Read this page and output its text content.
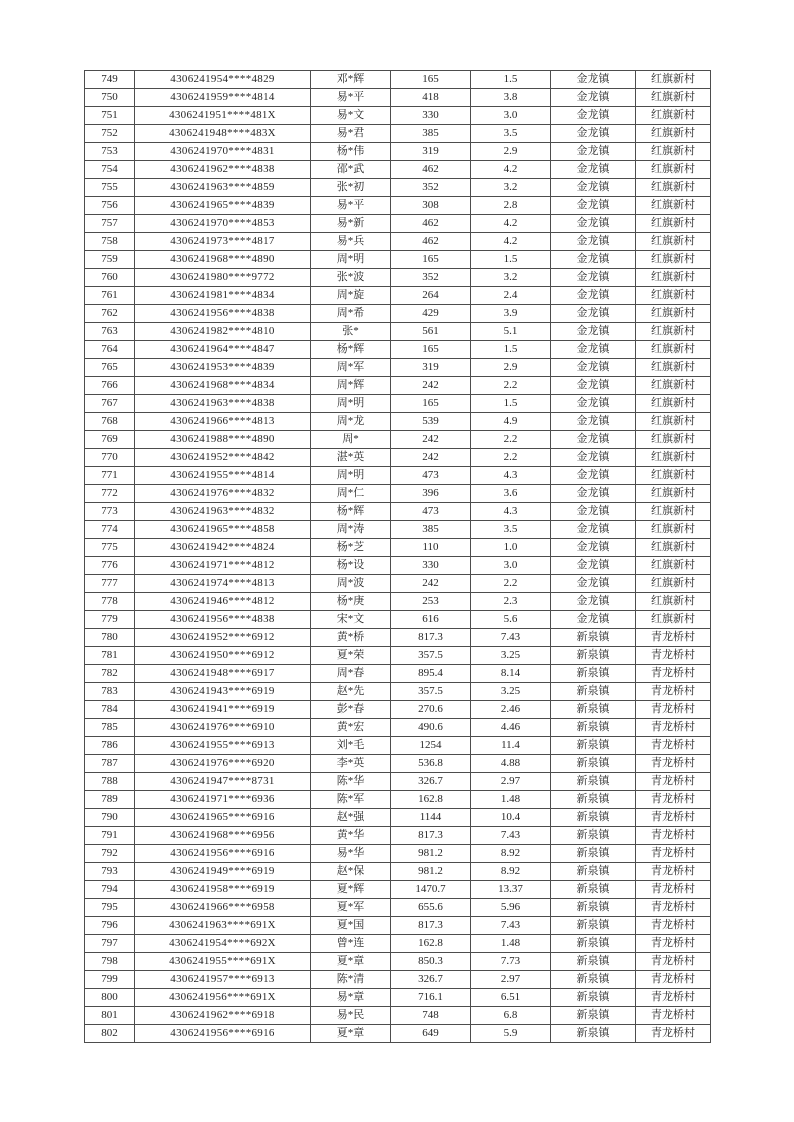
749	4306241954****4829	邓*辉	165	1.5	金龙镇	红旗新村
750	4306241959****4814	易*平	418	3.8	金龙镇	红旗新村
751	4306241951****481X	易*文	330	3.0	金龙镇	红旗新村
752	4306241948****483X	易*君	385	3.5	金龙镇	红旗新村
753	4306241970****4831	杨*伟	319	2.9	金龙镇	红旗新村
754	4306241962****4838	邵*武	462	4.2	金龙镇	红旗新村
755	4306241963****4859	张*初	352	3.2	金龙镇	红旗新村
756	4306241965****4839	易*平	308	2.8	金龙镇	红旗新村
757	4306241970****4853	易*新	462	4.2	金龙镇	红旗新村
758	4306241973****4817	易*兵	462	4.2	金龙镇	红旗新村
759	4306241968****4890	周*明	165	1.5	金龙镇	红旗新村
760	4306241980****9772	张*波	352	3.2	金龙镇	红旗新村
761	4306241981****4834	周*旋	264	2.4	金龙镇	红旗新村
762	4306241956****4838	周*希	429	3.9	金龙镇	红旗新村
763	4306241982****4810	张*	561	5.1	金龙镇	红旗新村
764	4306241964****4847	杨*辉	165	1.5	金龙镇	红旗新村
765	4306241953****4839	周*军	319	2.9	金龙镇	红旗新村
766	4306241968****4834	周*辉	242	2.2	金龙镇	红旗新村
767	4306241963****4838	周*明	165	1.5	金龙镇	红旗新村
768	4306241966****4813	周*龙	539	4.9	金龙镇	红旗新村
769	4306241988****4890	周*	242	2.2	金龙镇	红旗新村
770	4306241952****4842	湛*英	242	2.2	金龙镇	红旗新村
771	4306241955****4814	周*明	473	4.3	金龙镇	红旗新村
772	4306241976****4832	周*仁	396	3.6	金龙镇	红旗新村
773	4306241963****4832	杨*辉	473	4.3	金龙镇	红旗新村
774	4306241965****4858	周*涛	385	3.5	金龙镇	红旗新村
775	4306241942****4824	杨*芝	110	1.0	金龙镇	红旗新村
776	4306241971****4812	杨*设	330	3.0	金龙镇	红旗新村
777	4306241974****4813	周*波	242	2.2	金龙镇	红旗新村
778	4306241946****4812	杨*庚	253	2.3	金龙镇	红旗新村
779	4306241956****4838	宋*文	616	5.6	金龙镇	红旗新村
780	4306241952****6912	黄*桥	817.3	7.43	新泉镇	青龙桥村
781	4306241950****6912	夏*荣	357.5	3.25	新泉镇	青龙桥村
782	4306241948****6917	周*春	895.4	8.14	新泉镇	青龙桥村
783	4306241943****6919	赵*先	357.5	3.25	新泉镇	青龙桥村
784	4306241941****6919	彭*春	270.6	2.46	新泉镇	青龙桥村
785	4306241976****6910	黄*宏	490.6	4.46	新泉镇	青龙桥村
786	4306241955****6913	刘*毛	1254	11.4	新泉镇	青龙桥村
787	4306241976****6920	李*英	536.8	4.88	新泉镇	青龙桥村
788	4306241947****8731	陈*华	326.7	2.97	新泉镇	青龙桥村
789	4306241971****6936	陈*军	162.8	1.48	新泉镇	青龙桥村
790	4306241965****6916	赵*强	1144	10.4	新泉镇	青龙桥村
791	4306241968****6956	黄*华	817.3	7.43	新泉镇	青龙桥村
792	4306241956****6916	易*华	981.2	8.92	新泉镇	青龙桥村
793	4306241949****6919	赵*保	981.2	8.92	新泉镇	青龙桥村
794	4306241958****6919	夏*辉	1470.7	13.37	新泉镇	青龙桥村
795	4306241966****6958	夏*军	655.6	5.96	新泉镇	青龙桥村
796	4306241963****691X	夏*国	817.3	7.43	新泉镇	青龙桥村
797	4306241954****692X	曾*连	162.8	1.48	新泉镇	青龙桥村
798	4306241955****691X	夏*章	850.3	7.73	新泉镇	青龙桥村
799	4306241957****6913	陈*清	326.7	2.97	新泉镇	青龙桥村
800	4306241956****691X	易*章	716.1	6.51	新泉镇	青龙桥村
801	4306241962****6918	易*民	748	6.8	新泉镇	青龙桥村
802	4306241956****6916	夏*章	649	5.9	新泉镇	青龙桥村
